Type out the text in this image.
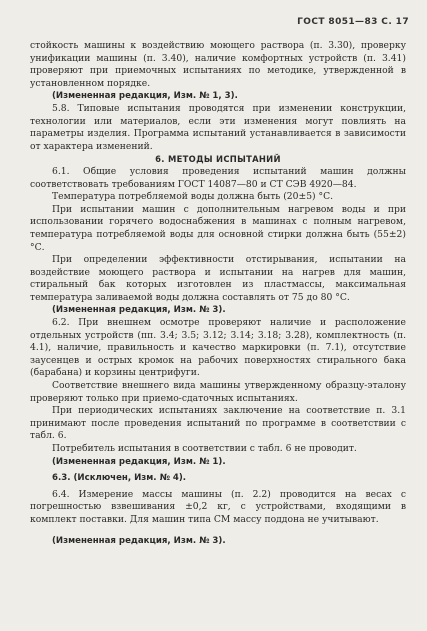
ГОСТ 8051—83 С. 17

стойкость машины к воздействию моющего раствора (п. 3.30), проверку унификации машины (п. 3.40), наличие комфортных устройств (п. 3.41) проверяют при приемочных испытаниях по методике, утвержденной в установленном порядке.

(Измененная редакция, Изм. № 1, 3).

5.8. Типовые испытания проводятся при изменении конструкции, технологии или материалов, если эти изменения могут повлиять на параметры изделия. Программа испытаний устанавливается в зависимости от характера изменений.

6. МЕТОДЫ ИСПЫТАНИЙ

6.1. Общие условия проведения испытаний машин должны соответствовать требованиям ГОСТ 14087—80 и СТ СЭВ 4920—84.

Температура потребляемой воды должна быть (20±5) °С.

При испытании машин с дополнительным нагревом воды и при использовании горячего водоснабжения в машинах с полным нагревом, температура потребляемой воды для основной стирки должна быть (55±2) °С.

При определении эффективности отстирывания, испытании на воздействие моющего раствора и испытании на нагрев для машин, стиральный бак которых изготовлен из пластмассы, максимальная температура заливаемой воды должна составлять от 75 до 80 °С.

(Измененная редакция, Изм. № 3).

6.2. При внешнем осмотре проверяют наличие и расположение отдельных устройств (пп. 3.4; 3.5; 3.12; 3.14; 3.18; 3.28), комплектность (п. 4.1), наличие, правильность и качество маркировки (п. 7.1), отсутствие заусенцев и острых кромок на рабочих поверхностях стирального бака (барабана) и корзины центрифуги.

Соответствие внешнего вида машины утвержденному образцу-эталону проверяют только при приемо-сдаточных испытаниях.

При периодических испытаниях заключение на соответствие п. 3.1 принимают после проведения испытаний по программе в соответствии с табл. 6.

Потребитель испытания в соответствии с табл. 6 не проводит.

(Измененная редакция, Изм. № 1).

6.3. (Исключен, Изм. № 4).

6.4. Измерение массы машины (п. 2.2) проводится на весах с погрешностью взвешивания ±0,2 кг, с устройствами, входящими в комплект поставки. Для машин типа СМ массу поддона не учитывают.

(Измененная редакция, Изм. № 3).
